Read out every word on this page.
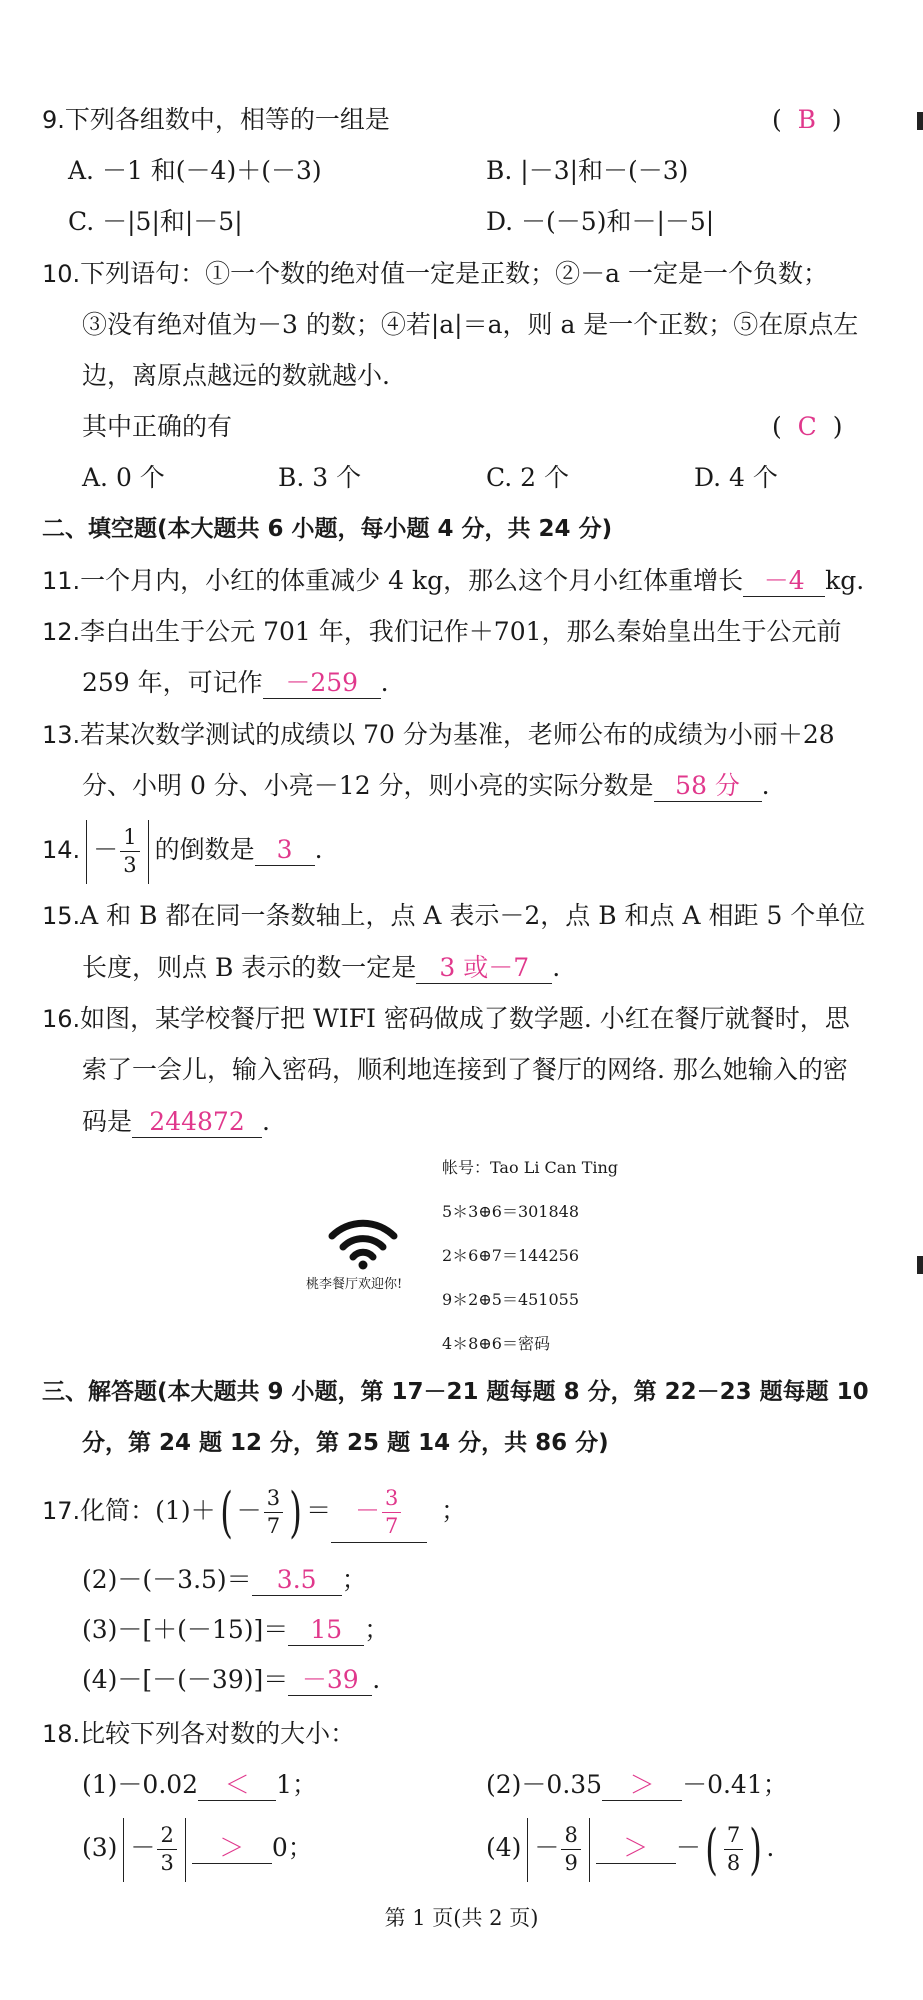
9.下列各组数中，相等的一组是	(  B  )
A. －1 和(－4)＋(－3)	B. |－3|和－(－3)
C. －|5|和|－5|	D. －(－5)和－|－5|
10.下列语句：①一个数的绝对值一定是正数；②－a 一定是一个负数；
③没有绝对值为－3 的数；④若|a|＝a，则 a 是一个正数；⑤在原点左
边，离原点越远的数就越小.
其中正确的有	(  C  )
A. 0 个	B. 3 个	C. 2 个	D. 4 个
二、填空题(本大题共 6 小题，每小题 4 分，共 24 分)
11.一个月内，小红的体重减少 4 kg，那么这个月小红体重增长 －4 kg.
12.李白出生于公元 701 年，我们记作＋701，那么秦始皇出生于公元前
259 年，可记作 －259 .
13.若某次数学测试的成绩以 70 分为基准，老师公布的成绩为小丽＋28
分、小明 0 分、小亮－12 分，则小亮的实际分数是 58 分 .
14. － $\frac{1}{3}$ 的倒数是 3 .
15.A 和 B 都在同一条数轴上，点 A 表示－2，点 B 和点 A 相距 5 个单位
长度，则点 B 表示的数一定是 3 或－7 .
16.如图，某学校餐厅把 WIFI 密码做成了数学题. 小红在餐厅就餐时，思
索了一会儿，输入密码，顺利地连接到了餐厅的网络. 那么她输入的密
码是 244872 .
桃李餐厅欢迎你!
帐号：Tao Li Can Ting
5＊3⊕6＝301848
2＊6⊕7＝144256
9＊2⊕5＝451055
4＊8⊕6＝密码
三、解答题(本大题共 9 小题，第 17－21 题每题 8 分，第 22－23 题每题 10
分，第 24 题 12 分，第 25 题 14 分，共 86 分)
17.化简：$(1)+( - \frac{3}{7}$ ) ＝ － $\frac{3}{7}$ ；
(2)－(－3.5)＝ 3.5 ；
(3)－[＋(－15)]＝ 15 ；
(4)－[－(－39)]＝ －39 .
18.比较下列各对数的大小：
(1)－0.02 ＜ 1；	(2)－0.35 ＞ －0.41；
$(3) - \frac{2}{3} > 0$；	$(4) - \frac{8}{9}$ ＞ －( $\frac{7}{8}$ ) .
第 1 页(共 2 页)
